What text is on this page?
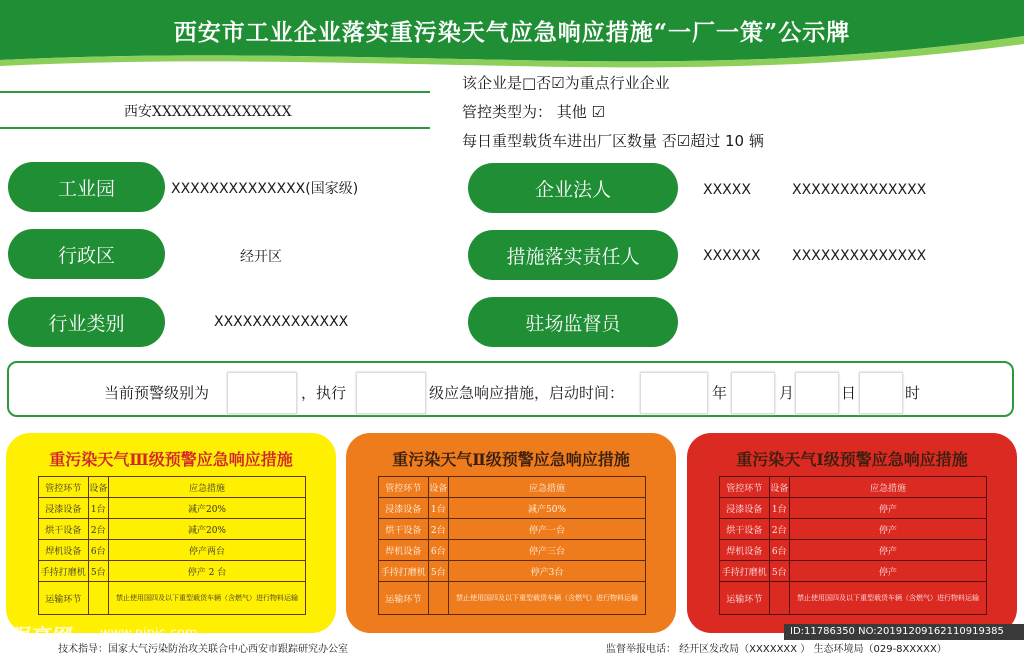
西安市工业企业落实重污染天气应急响应措施“一厂一策”公示牌
西安XXXXXXXXXXXXXX
该企业是□否☑为重点行业企业
管控类型为： 其他 ☑
每日重型载货车进出厂区数量 否☑超过 10 辆
工业园	XXXXXXXXXXXXXX(国家级)
行政区	经开区
行业类别	XXXXXXXXXXXXXX
企业法人	XXXXX	XXXXXXXXXXXXXX
措施落实责任人	XXXXXX XXXXXXXXXXXXXX
驻场监督员
当前预警级别为	，执行	级应急响应措施，启动时间：	年	月	日	时
重污染天气Ⅲ级预警应急响应措施
管控环节	设备	应急措施
浸漆设备	1台	减产20%
烘干设备	2台	减产20%
焊机设备	6台	停产两台
手持打磨机	5台	停产 2 台
运输环节		禁止使用国四及以下重型载货车辆（含燃气）进行物料运输
重污染天气Ⅱ级预警应急响应措施
管控环节	设备	应急措施
浸漆设备	1台	减产50%
烘干设备	2台	停产一台
焊机设备	6台	停产三台
手持打磨机	5台	停产3台
运输环节		禁止使用国四及以下重型载货车辆（含燃气）进行物料运输
重污染天气Ⅰ级预警应急响应措施
管控环节	设备	应急措施
浸漆设备	1台	停产
烘干设备	2台	停产
焊机设备	6台	停产
手持打磨机	5台	停产
运输环节		禁止使用国四及以下重型载货车辆（含燃气）进行物料运输
技术指导：国家大气污染防治攻关联合中心西安市跟踪研究办公室	监督举报电话： 经开区发改局（XXXXXXX ） 生态环境局（029-8XXXXX）
昵享网 www.nipic.com	ID:11786350 NO:20191209162110919385
